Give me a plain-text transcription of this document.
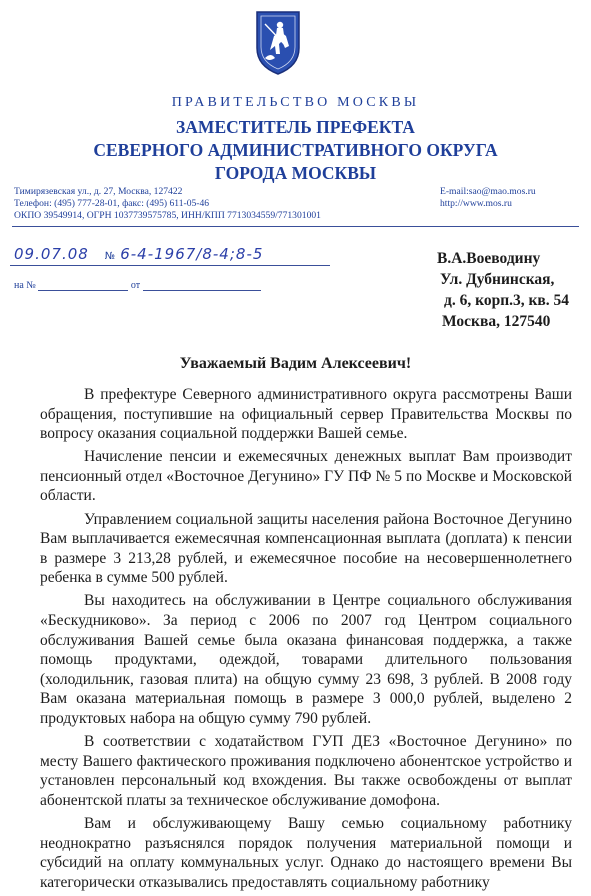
ПРАВИТЕЛЬСТВО МОСКВЫ
ЗАМЕСТИТЕЛЬ ПРЕФЕКТА
СЕВЕРНОГО АДМИНИСТРАТИВНОГО ОКРУГА
ГОРОДА МОСКВЫ
Тимирязевская ул., д. 27, Москва, 127422
Телефон: (495) 777-28-01, факс: (495) 611-05-46
ОКПО 39549914, ОГРН 1037739575785, ИНН/КПП 7713034559/771301001
E-mail:sao@mao.mos.ru
http://www.mos.ru
09.07.08 № 6-4-1967/8-4;8-5
на №	от
В.А.Воеводину
Ул. Дубнинская,
д. 6, корп.3, кв. 54
Москва, 127540
Уважаемый Вадим Алексеевич!

В префектуре Северного административного округа рассмотрены Ваши обращения, поступившие на официальный сервер Правительства Москвы по вопросу оказания социальной поддержки Вашей семье.

Начисление пенсии и ежемесячных денежных выплат Вам производит пенсионный отдел «Восточное Дегунино» ГУ ПФ № 5 по Москве и Московской области.

Управлением социальной защиты населения района Восточное Дегунино Вам выплачивается ежемесячная компенсационная выплата (доплата) к пенсии в размере 3 213,28 рублей, и ежемесячное пособие на несовершеннолетнего ребенка в сумме 500 рублей.

Вы находитесь на обслуживании в Центре социального обслуживания «Бескудниково». За период с 2006 по 2007 год Центром социального обслуживания Вашей семье была оказана финансовая поддержка, а также помощь продуктами, одеждой, товарами длительного пользования (холодильник, газовая плита) на общую сумму 23 698, 3 рублей. В 2008 году Вам оказана материальная помощь в размере 3 000,0 рублей, выделено 2 продуктовых набора на общую сумму 790 рублей.

В соответствии с ходатайством ГУП ДЕЗ «Восточное Дегунино» по месту Вашего фактического проживания подключено абонентское устройство и установлен персональный код вхождения. Вы также освобождены от выплат абонентской платы за техническое обслуживание домофона.

Вам и обслуживающему Вашу семью социальному работнику неоднократно разъяснялся порядок получения материальной помощи и субсидий на оплату коммунальных услуг. Однако до настоящего времени Вы категорически отказывались предоставлять социальному работнику
